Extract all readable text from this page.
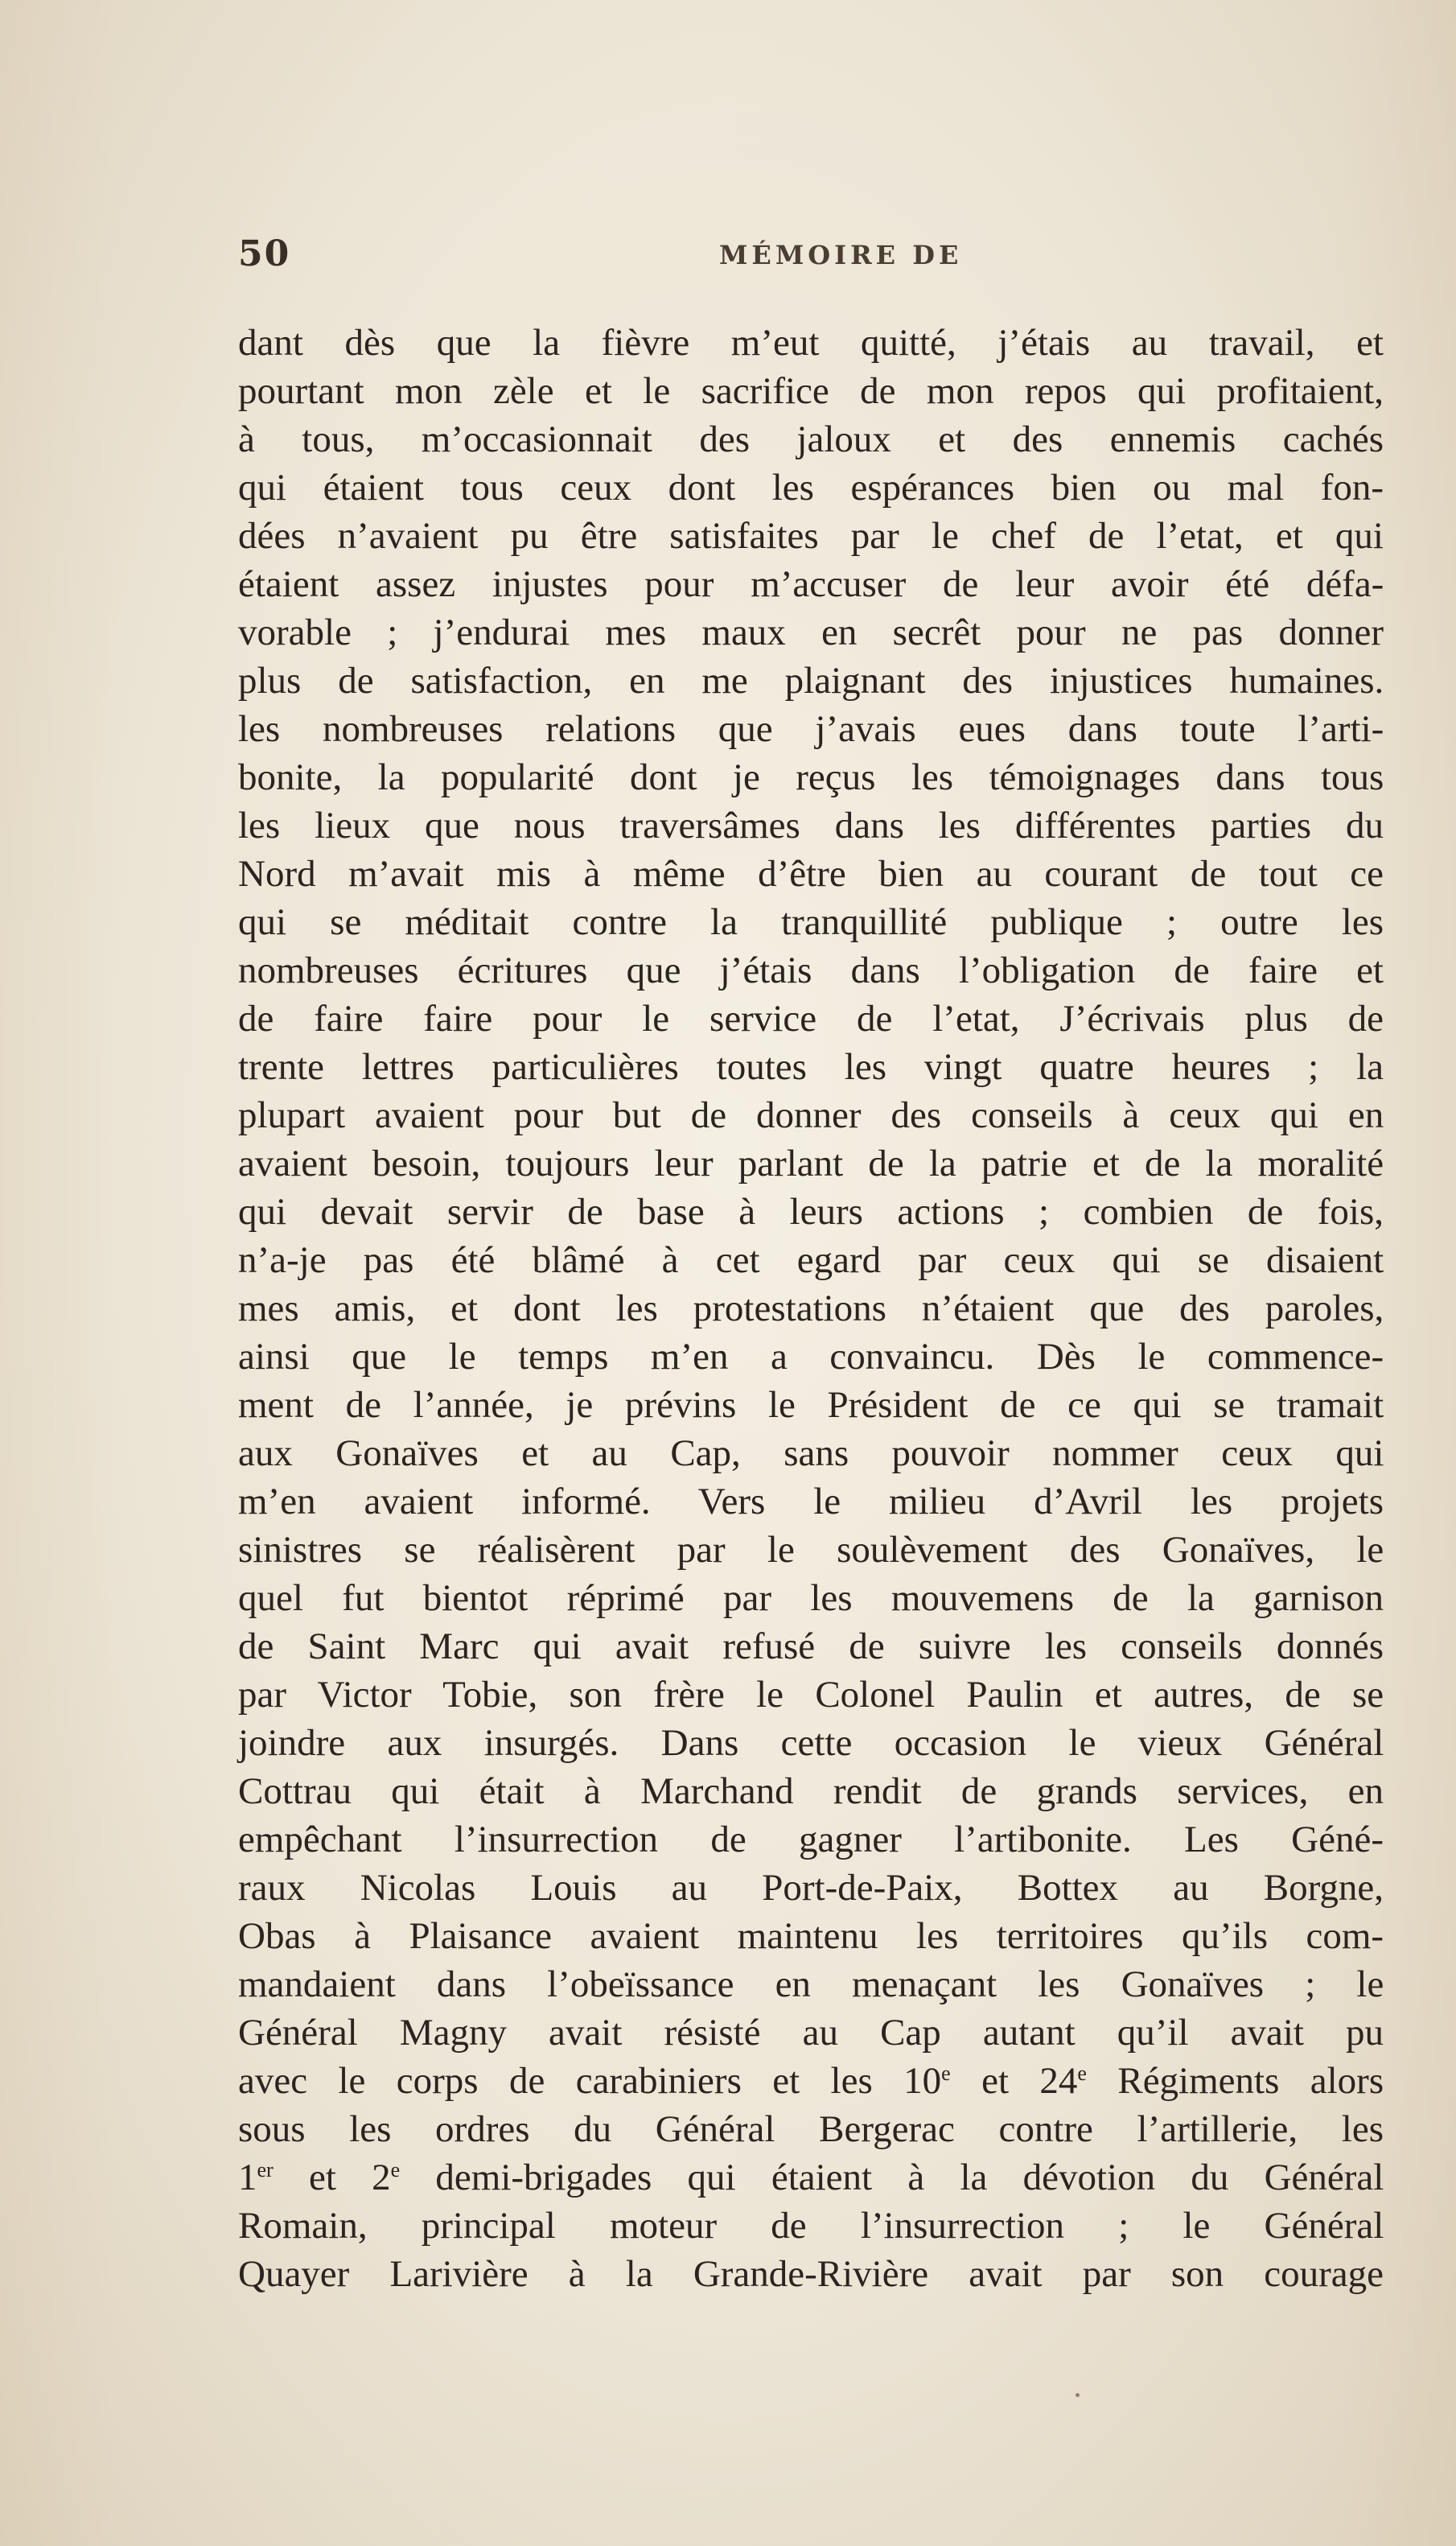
50	MÉMOIRE DE
dant dès que la fièvre m’eut quitté, j’étais au travail, et
pourtant mon zèle et le sacrifice de mon repos qui profitaient,
à tous, m’occasionnait des jaloux et des ennemis cachés
qui étaient tous ceux dont les espérances bien ou mal fon-
dées n’avaient pu être satisfaites par le chef de l’etat, et qui
étaient assez injustes pour m’accuser de leur avoir été défa-
vorable ; j’endurai mes maux en secrêt pour ne pas donner
plus de satisfaction, en me plaignant des injustices humaines.
les nombreuses relations que j’avais eues dans toute l’arti-
bonite, la popularité dont je reçus les témoignages dans tous
les lieux que nous traversâmes dans les différentes parties du
Nord m’avait mis à même d’être bien au courant de tout ce
qui se méditait contre la tranquillité publique ; outre les
nombreuses écritures que j’étais dans l’obligation de faire et
de faire faire pour le service de l’etat, J’écrivais plus de
trente lettres particulières toutes les vingt quatre heures ; la
plupart avaient pour but de donner des conseils à ceux qui en
avaient besoin, toujours leur parlant de la patrie et de la moralité
qui devait servir de base à leurs actions ; combien de fois,
n’a-je pas été blâmé à cet egard par ceux qui se disaient
mes amis, et dont les protestations n’étaient que des paroles,
ainsi que le temps m’en a convaincu. Dès le commence-
ment de l’année, je prévins le Président de ce qui se tramait
aux Gonaïves et au Cap, sans pouvoir nommer ceux qui
m’en avaient informé. Vers le milieu d’Avril les projets
sinistres se réalisèrent par le soulèvement des Gonaïves, le
quel fut bientot réprimé par les mouvemens de la garnison
de Saint Marc qui avait refusé de suivre les conseils donnés
par Victor Tobie, son frère le Colonel Paulin et autres, de se
joindre aux insurgés. Dans cette occasion le vieux Général
Cottrau qui était à Marchand rendit de grands services, en
empêchant l’insurrection de gagner l’artibonite. Les Géné-
raux Nicolas Louis au Port-de-Paix, Bottex au Borgne,
Obas à Plaisance avaient maintenu les territoires qu’ils com-
mandaient dans l’obeïssance en menaçant les Gonaïves ; le
Général Magny avait résisté au Cap autant qu’il avait pu
avec le corps de carabiniers et les 10e et 24e Régiments alors
sous les ordres du Général Bergerac contre l’artillerie, les
1er et 2e demi-brigades qui étaient à la dévotion du Général
Romain, principal moteur de l’insurrection ; le Général
Quayer Larivière à la Grande-Rivière avait par son courage
